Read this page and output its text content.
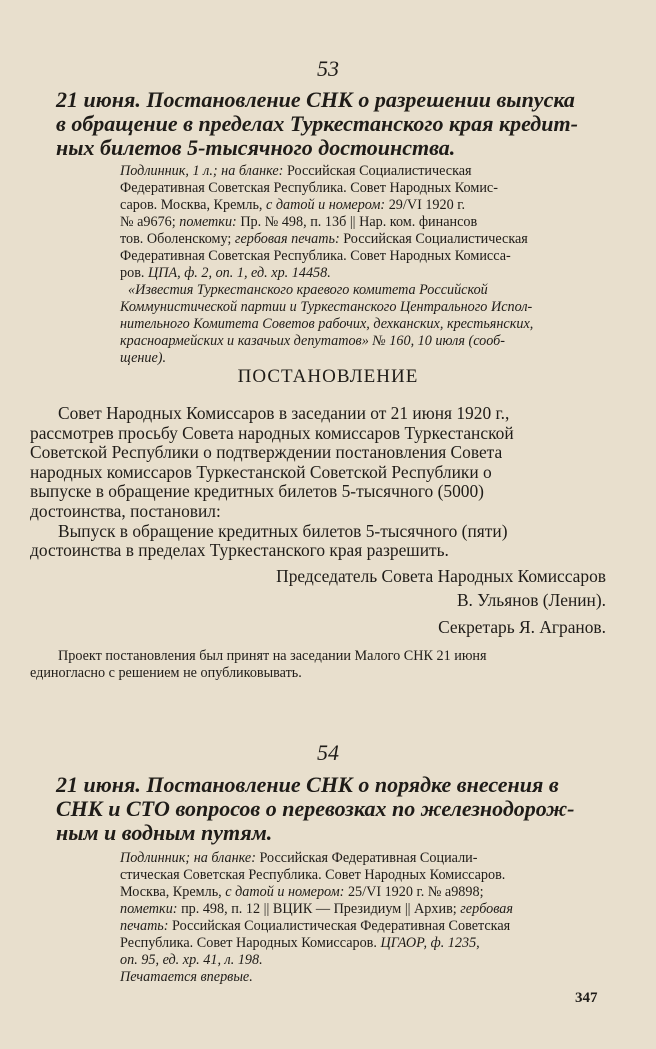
53
21 июня. Постановление СНК о разрешении выпуска
в обращение в пределах Туркестанского края кредит-
ных билетов 5-тысячного достоинства.
Подлинник, 1 л.; на бланке: Российская Социалистическая
Федеративная Советская Республика. Совет Народных Комис-
саров. Москва, Кремль, с датой и номером: 29/VI 1920 г.
№ а9676; пометки: Пр. № 498, п. 13б || Нар. ком. финансов
тов. Оболенскому; гербовая печать: Российская Социалистическая
Федеративная Советская Республика. Совет Народных Комисса-
ров. ЦПА, ф. 2, оп. 1, ед. хр. 14458.
«Известия Туркестанского краевого комитета Российской
Коммунистической партии и Туркестанского Центрального Испол-
нительного Комитета Советов рабочих, дехканских, крестьянских,
красноармейских и казачьих депутатов» № 160, 10 июля (сооб-
щение).
ПОСТАНОВЛЕНИЕ
Совет Народных Комиссаров в заседании от 21 июня 1920 г.,
рассмотрев просьбу Совета народных комиссаров Туркестанской
Советской Республики о подтверждении постановления Совета
народных комиссаров Туркестанской Советской Республики о
выпуске в обращение кредитных билетов 5-тысячного (5000)
достоинства, постановил:
Выпуск в обращение кредитных билетов 5-тысячного (пяти)
достоинства в пределах Туркестанского края разрешить.
Председатель Совета Народных Комиссаров
В. Ульянов (Ленин).
Секретарь Я. Агранов.
Проект постановления был принят на заседании Малого СНК 21 июня
единогласно с решением не опубликовывать.
54
21 июня. Постановление СНК о порядке внесения в
СНК и СТО вопросов о перевозках по железнодорож-
ным и водным путям.
Подлинник; на бланке: Российская Федеративная Социали-
стическая Советская Республика. Совет Народных Комиссаров.
Москва, Кремль, с датой и номером: 25/VI 1920 г. № а9898;
пометки: пр. 498, п. 12 || ВЦИК — Президиум || Архив; гербовая
печать: Российская Социалистическая Федеративная Советская
Республика. Совет Народных Комиссаров. ЦГАОР, ф. 1235,
оп. 95, ед. хр. 41, л. 198.
Печатается впервые.
347
